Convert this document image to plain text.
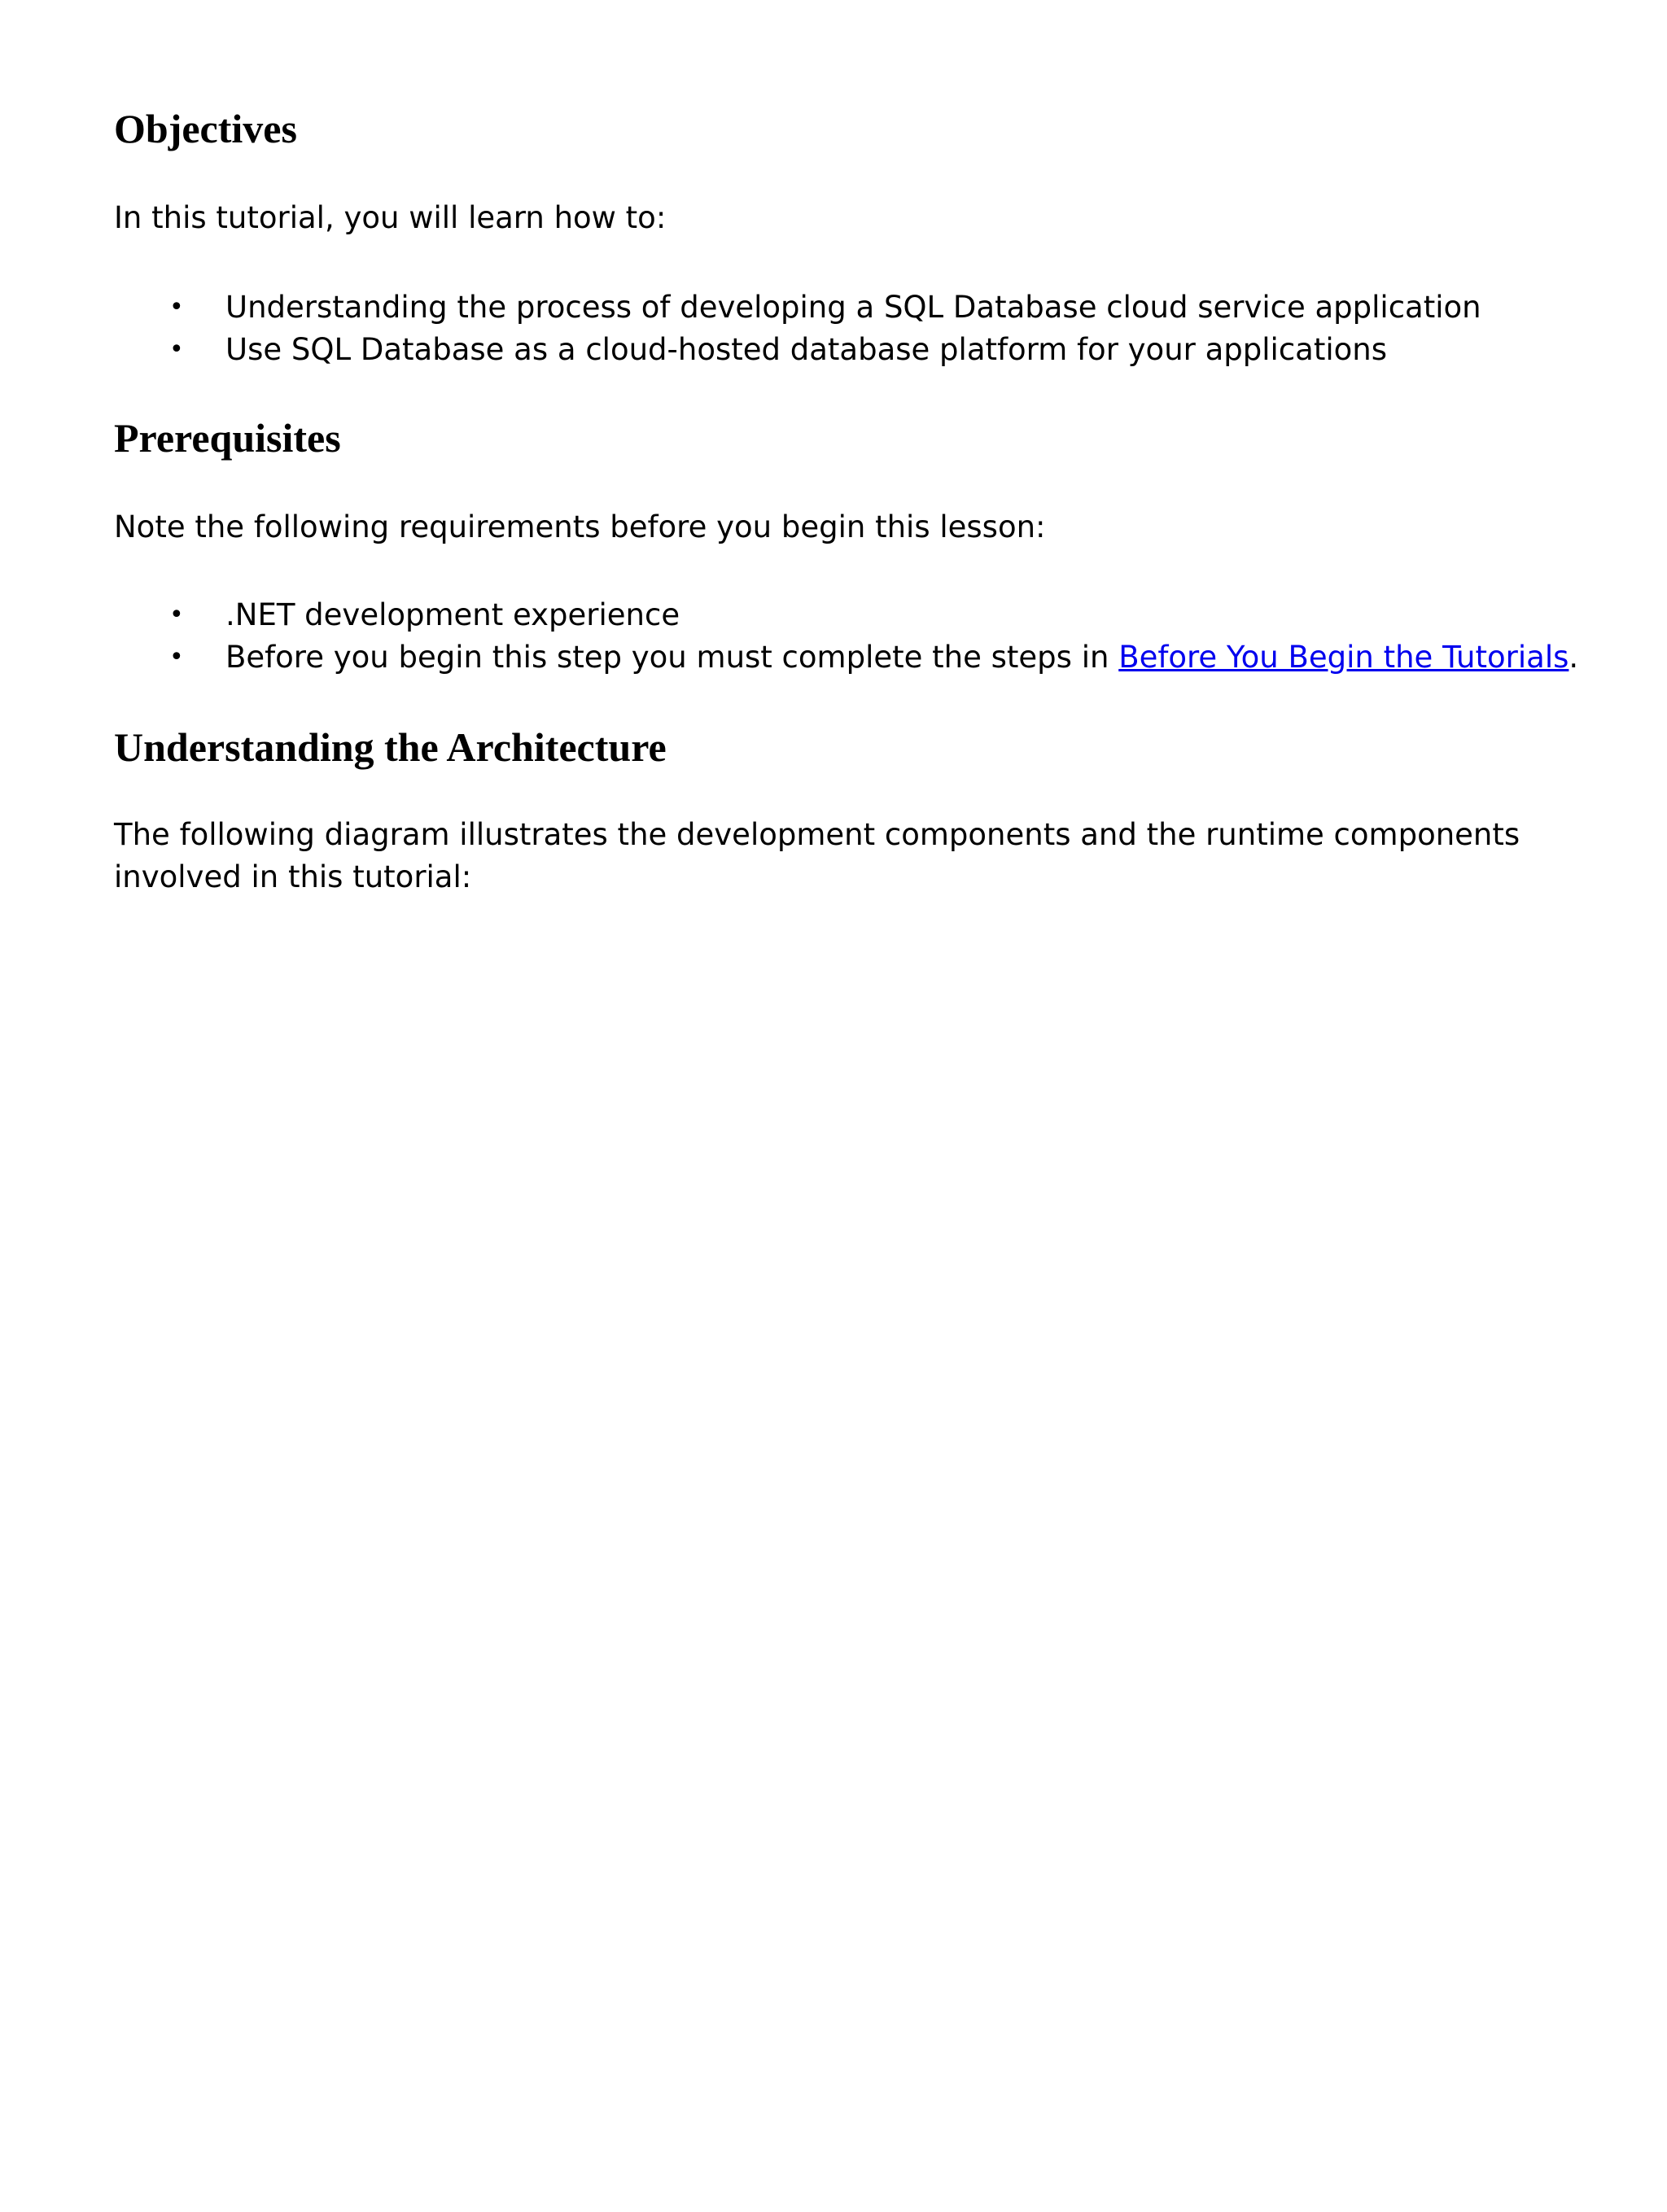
Objectives

In this tutorial, you will learn how to:

• Understanding the process of developing a SQL Database cloud service application
• Use SQL Database as a cloud-hosted database platform for your applications
Prerequisites

Note the following requirements before you begin this lesson:

• .NET development experience
• Before you begin this step you must complete the steps in Before You Begin the Tutorials.
Understanding the Architecture

The following diagram illustrates the development components and the runtime components involved in this tutorial:
